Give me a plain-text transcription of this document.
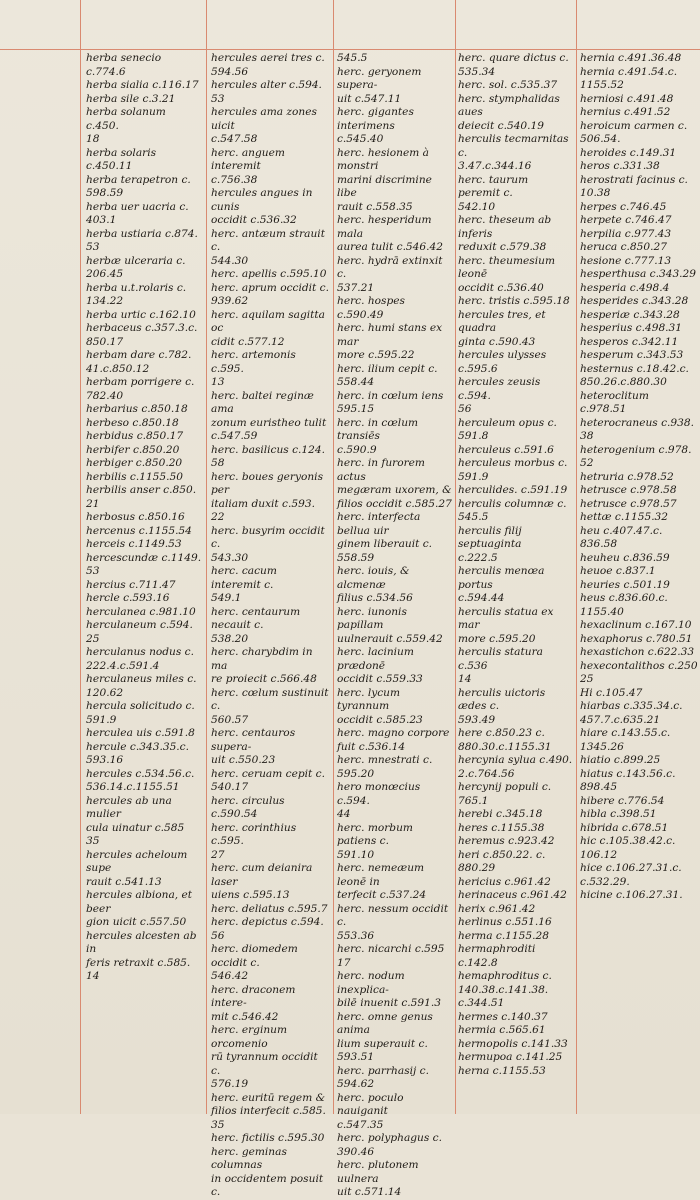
herba senecio c.774.6
herba sialia c.116.17
herba sile c.3.21
herba solanum c.450.
18
herba solaris c.450.11
herba terapetron c.
598.59
herba uer uacria c.
403.1
herba ustiaria c.874.
53
herbæ ulceraria c.
206.45
herba u.t.rolaris c.
134.22
herba urtic c.162.10
herbaceus c.357.3.c.
850.17
herbam dare c.782.
41.c.850.12
herbam porrigere c.
782.40
herbarius c.850.18
herbeso c.850.18
herbidus c.850.17
herbifer c.850.20
herbiger c.850.20
herbilis c.1155.50
herbilis anser c.850.
21
herbosus c.850.16
hercenus c.1155.54
herceis c.1149.53
hercescundæ c.1149.
53
hercius c.711.47
hercle c.593.16
herculanea c.981.10
herculaneum c.594.
25
herculanus nodus c.
222.4.c.591.4
herculaneus miles c.
120.62
hercula solicitudo c.
591.9
herculea uis c.591.8
hercule c.343.35.c.
593.16
hercules c.534.56.c.
536.14.c.1155.51
hercules ab una mulier
cula uinatur c.585
35
hercules acheloum supe
rauit c.541.13
hercules albiona, et beer
gion uicit c.557.50
hercules alcesten ab in
feris retraxit c.585.
14
hercules aerei tres c.
594.56
hercules alter c.594.
53
hercules ama zones uicit
c.547.58
herc. anguem interemit
c.756.38
hercules angues in cunis
occidit c.536.32
herc. antæum strauit c.
544.30
herc. apellis c.595.10
herc. aprum occidit c.
939.62
herc. aquilam sagitta oc
cidit c.577.12
herc. artemonis c.595.
13
herc. baltei reginæ ama
zonum euristheo tulit
c.547.59
herc. basilicus c.124.
58
herc. boues geryonis per
italiam duxit c.593.
22
herc. busyrim occidit c.
543.30
herc. cacum interemit c.
549.1
herc. centaurum necauit c.
538.20
herc. charybdim in ma
re proiecit c.566.48
herc. cœlum sustinuit c.
560.57
herc. centauros supera-
uit c.550.23
herc. ceruam cepit c.
540.17
herc. circulus c.590.54
herc. corinthius c.595.
27
herc. cum deianira laser
uiens c.595.13
herc. deliatus c.595.7
herc. depictus c.594.
56
herc. diomedem occidit c.
546.42
herc. draconem intere-
mit c.546.42
herc. erginum orcomenio
rū tyrannum occidit c.
576.19
herc. euritū regem &
filios interfecit c.585.
35
herc. fictilis c.595.30
herc. geminas columnas
in occidentem posuit c.
545.5
herc. geryonem supera-
uit c.547.11
herc. gigantes interimens
c.545.40
herc. hesionem à monstri
marini discrimine libe
rauit c.558.35
herc. hesperidum mala
aurea tulit c.546.42
herc. hydrā extinxit c.
537.21
herc. hospes c.590.49
herc. humi stans ex mar
more c.595.22
herc. ilium cepit c.
558.44
herc. in cœlum iens
595.15
herc. in cœlum transiēs
c.590.9
herc. in furorem actus
megæram uxorem, &
filios occidit c.585.27
herc. interfecta bellua uir
ginem liberauit c.
558.59
herc. iouis, & alcmenæ
filius c.534.56
herc. iunonis papillam
uulnerauit c.559.42
herc. lacinium prædonē
occidit c.559.33
herc. lycum tyrannum
occidit c.585.23
herc. magno corpore
fuit c.536.14
herc. mnestrati c.
595.20
hero monœcius c.594.
44
herc. morbum patiens c.
591.10
herc. nemeæum leonē in
terfecit c.537.24
herc. nessum occidit c.
553.36
herc. nicarchi c.595
17
herc. nodum inexplica-
bilē inuenit c.591.3
herc. omne genus anima
lium superauit c.
593.51
herc. parrhasij c.
594.62
herc. poculo nauiganit
c.547.35
herc. polyphagus c.
390.46
herc. plutonem uulnera
uit c.571.14
herc. quare dictus c.
535.34
herc. sol. c.535.37
herc. stymphalidas aues
deiecit c.540.19
herculis tecmarnitas c.
3.47.c.344.16
herc. taurum peremit c.
542.10
herc. theseum ab inferis
reduxit c.579.38
herc. theumesium leonē
occidit c.536.40
herc. tristis c.595.18
hercules tres, et quadra
ginta c.590.43
hercules ulysses c.595.6
hercules zeusis c.594.
56
herculeum opus c.
591.8
herculeus c.591.6
herculeus morbus c.
591.9
herculides. c.591.19
herculis columnæ c.
545.5
herculis filij septuaginta
c.222.5
herculis menœa portus
c.594.44
herculis statua ex mar
more c.595.20
herculis statura c.536
14
herculis uictoris ædes c.
593.49
here c.850.23 c.
880.30.c.1155.31
hercynia sylua c.490.
2.c.764.56
hercynij populi c.
765.1
herebi c.345.18
heres c.1155.38
heremus c.923.42
heri c.850.22. c.
880.29
hericius c.961.42
herinaceus c.961.42
herix c.961.42
herlinus c.551.16
herma c.1155.28
hermaphroditi c.142.8
hemaphroditus c.
140.38.c.141.38.
c.344.51
hermes c.140.37
hermia c.565.61
hermopolis c.141.33
hermupoa c.141.25
herna c.1155.53
hernia c.491.36.48
hernia c.491.54.c.
1155.52
herniosi c.491.48
hernius c.491.52
heroicum carmen c.
506.54.
heroides c.149.31
heros c.331.38
herostrati facinus c.
10.38
herpes c.746.45
herpete c.746.47
herpilia c.977.43
heruca c.850.27
hesione c.777.13
hesperthusa c.343.29
hesperia c.498.4
hesperides c.343.28
hesperiæ c.343.28
hesperius c.498.31
hesperos c.342.11
hesperum c.343.53
hesternus c.18.42.c.
850.26.c.880.30
heteroclitum c.978.51
heterocraneus c.938.
38
heterogenium c.978.
52
hetruria c.978.52
hetrusce c.978.58
hetrusce c.978.57
hettæ c.1155.32
heu c.407.47.c.
836.58
heuheu c.836.59
heuoe c.837.1
heuries c.501.19
heus c.836.60.c.
1155.40
hexaclinum c.167.10
hexaphorus c.780.51
hexastichon c.622.33
hexecontalithos c.250
25
Hi c.105.47
hiarbas c.335.34.c.
457.7.c.635.21
hiare c.143.55.c.
1345.26
hiatio c.899.25
hiatus c.143.56.c.
898.45
hibere c.776.54
hibla c.398.51
hibrida c.678.51
hic c.105.38.42.c.
106.12
hice c.106.27.31.c.
c.532.29.
hicine c.106.27.31.
